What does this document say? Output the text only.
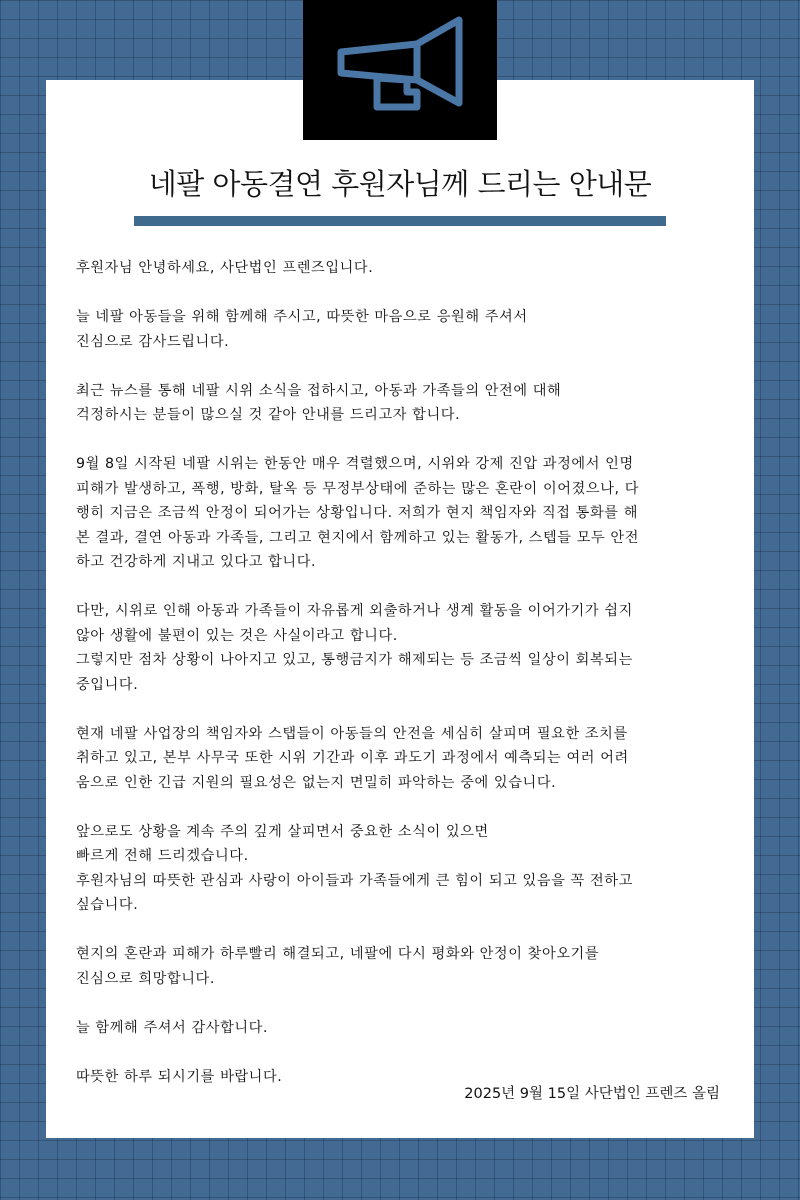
네팔 아동결연 후원자님께 드리는 안내문
후원자님 안녕하세요, 사단법인 프렌즈입니다.
늘 네팔 아동들을 위해 함께해 주시고, 따뜻한 마음으로 응원해 주셔서
진심으로 감사드립니다.
최근 뉴스를 통해 네팔 시위 소식을 접하시고, 아동과 가족들의 안전에 대해
걱정하시는 분들이 많으실 것 같아 안내를 드리고자 합니다.
9월 8일 시작된 네팔 시위는 한동안 매우 격렬했으며, 시위와 강제 진압 과정에서 인명
피해가 발생하고, 폭행, 방화, 탈옥 등 무정부상태에 준하는 많은 혼란이 이어졌으나, 다
행히 지금은 조금씩 안정이 되어가는 상황입니다. 저희가 현지 책임자와 직접 통화를 해
본 결과, 결연 아동과 가족들, 그리고 현지에서 함께하고 있는 활동가, 스텝들 모두 안전
하고 건강하게 지내고 있다고 합니다.
다만, 시위로 인해 아동과 가족들이 자유롭게 외출하거나 생계 활동을 이어가기가 쉽지
않아 생활에 불편이 있는 것은 사실이라고 합니다.
그렇지만 점차 상황이 나아지고 있고, 통행금지가 해제되는 등 조금씩 일상이 회복되는
중입니다.
현재 네팔 사업장의 책임자와 스탭들이 아동들의 안전을 세심히 살피며 필요한 조치를
취하고 있고, 본부 사무국 또한 시위 기간과 이후 과도기 과정에서 예측되는 여러 어려
움으로 인한 긴급 지원의 필요성은 없는지 면밀히 파악하는 중에 있습니다.
앞으로도 상황을 계속 주의 깊게 살피면서 중요한 소식이 있으면
빠르게 전해 드리겠습니다.
후원자님의 따뜻한 관심과 사랑이 아이들과 가족들에게 큰 힘이 되고 있음을 꼭 전하고
싶습니다.
현지의 혼란과 피해가 하루빨리 해결되고, 네팔에 다시 평화와 안정이 찾아오기를
진심으로 희망합니다.
늘 함께해 주셔서 감사합니다.
따뜻한 하루 되시기를 바랍니다.
2025년 9월 15일 사단법인 프렌즈 올림
